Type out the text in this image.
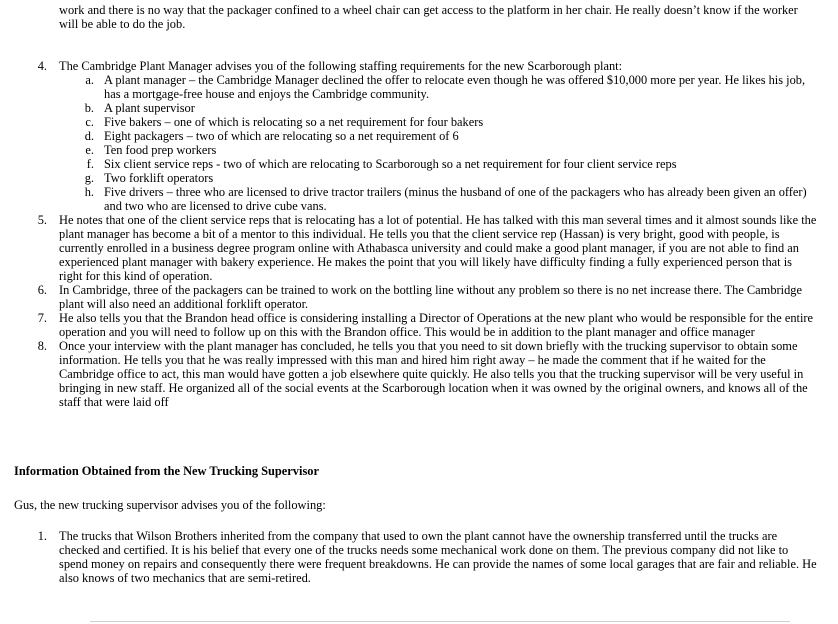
work and there is no way that the packager confined to a wheel chair can get access to the platform in her chair. He really doesn’t know if the worker
will be able to do the job.
4. The Cambridge Plant Manager advises you of the following staffing requirements for the new Scarborough plant:
a. A plant manager – the Cambridge Manager declined the offer to relocate even though he was offered $10,000 more per year. He likes his job,
has a mortgage-free house and enjoys the Cambridge community.
b. A plant supervisor
c. Five bakers – one of which is relocating so a net requirement for four bakers
d. Eight packagers – two of which are relocating so a net requirement of 6
e. Ten food prep workers
f. Six client service reps - two of which are relocating to Scarborough so a net requirement for four client service reps
g. Two forklift operators
h. Five drivers – three who are licensed to drive tractor trailers (minus the husband of one of the packagers who has already been given an offer)
and two who are licensed to drive cube vans.
5. He notes that one of the client service reps that is relocating has a lot of potential. He has talked with this man several times and it almost sounds like the
plant manager has become a bit of a mentor to this individual. He tells you that the client service rep (Hassan) is very bright, good with people, is
currently enrolled in a business degree program online with Athabasca university and could make a good plant manager, if you are not able to find an
experienced plant manager with bakery experience. He makes the point that you will likely have difficulty finding a fully experienced person that is
right for this kind of operation.
6. In Cambridge, three of the packagers can be trained to work on the bottling line without any problem so there is no net increase there. The Cambridge
plant will also need an additional forklift operator.
7. He also tells you that the Brandon head office is considering installing a Director of Operations at the new plant who would be responsible for the entire
operation and you will need to follow up on this with the Brandon office. This would be in addition to the plant manager and office manager
8. Once your interview with the plant manager has concluded, he tells you that you need to sit down briefly with the trucking supervisor to obtain some
information. He tells you that he was really impressed with this man and hired him right away – he made the comment that if he waited for the
Cambridge office to act, this man would have gotten a job elsewhere quite quickly. He also tells you that the trucking supervisor will be very useful in
bringing in new staff. He organized all of the social events at the Scarborough location when it was owned by the original owners, and knows all of the
staff that were laid off
Information Obtained from the New Trucking Supervisor
Gus, the new trucking supervisor advises you of the following:
1. The trucks that Wilson Brothers inherited from the company that used to own the plant cannot have the ownership transferred until the trucks are
checked and certified. It is his belief that every one of the trucks needs some mechanical work done on them. The previous company did not like to
spend money on repairs and consequently there were frequent breakdowns. He can provide the names of some local garages that are fair and reliable. He
also knows of two mechanics that are semi-retired.
